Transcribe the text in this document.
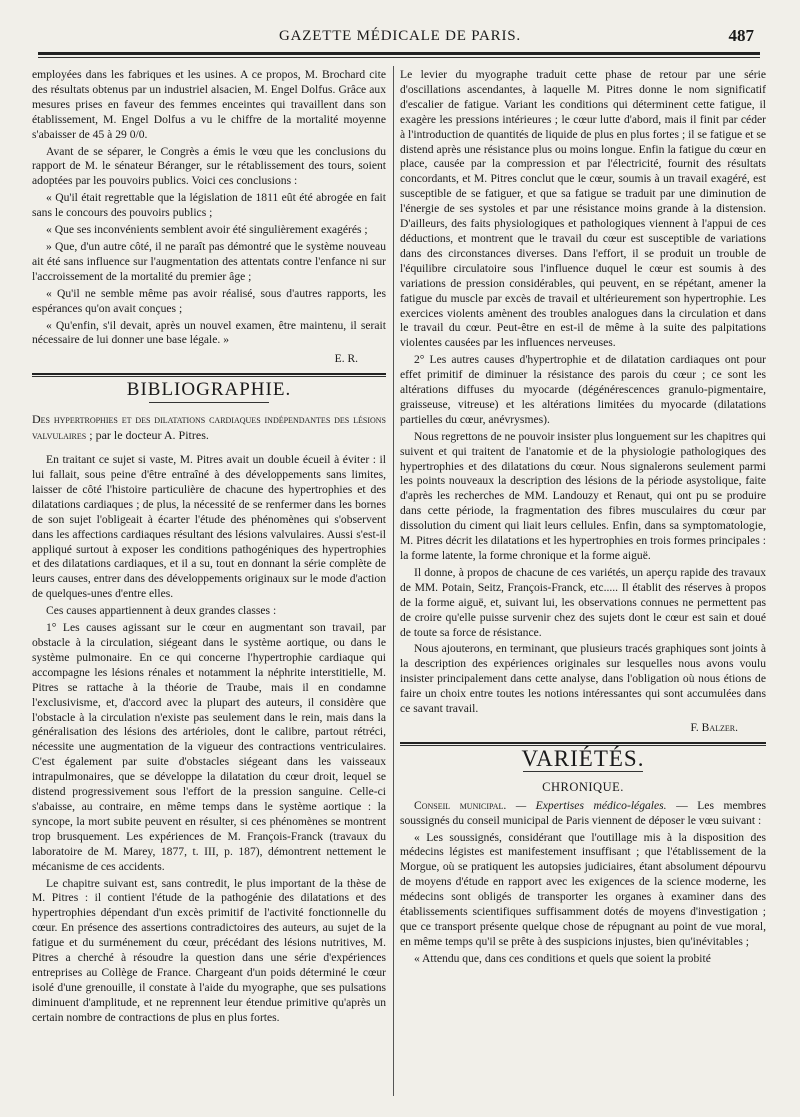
GAZETTE MÉDICALE DE PARIS.	487

employées dans les fabriques et les usines. A ce propos, M. Brochard cite des résultats obtenus par un industriel alsacien, M. Engel Dolfus. Grâce aux mesures prises en faveur des femmes enceintes qui travaillent dans son établissement, M. Engel Dolfus a vu le chiffre de la mortalité moyenne s'abaisser de 45 à 29 0/0.

Avant de se séparer, le Congrès a émis le vœu que les conclusions du rapport de M. le sénateur Béranger, sur le rétablissement des tours, soient adoptées par les pouvoirs publics. Voici ces conclusions :

« Qu'il était regrettable que la législation de 1811 eût été abrogée en fait sans le concours des pouvoirs publics ;

« Que ses inconvénients semblent avoir été singulièrement exagérés ;

» Que, d'un autre côté, il ne paraît pas démontré que le système nouveau ait été sans influence sur l'augmentation des attentats contre l'enfance ni sur l'accroissement de la mortalité du premier âge ;

« Qu'il ne semble même pas avoir réalisé, sous d'autres rapports, les espérances qu'on avait conçues ;

« Qu'enfin, s'il devait, après un nouvel examen, être maintenu, il serait nécessaire de lui donner une base légale. »

E. R.

BIBLIOGRAPHIE.

Des hypertrophies et des dilatations cardiaques indépendantes des lésions valvulaires ; par le docteur A. Pitres.

En traitant ce sujet si vaste, M. Pitres avait un double écueil à éviter : il lui fallait, sous peine d'être entraîné à des développements sans limites, laisser de côté l'histoire particulière de chacune des hypertrophies et des dilatations cardiaques ; de plus, la nécessité de se renfermer dans les bornes de son sujet l'obligeait à écarter l'étude des phénomènes qui s'observent dans les affections cardiaques résultant des lésions valvulaires. Aussi s'est-il appliqué surtout à exposer les conditions pathogéniques des hypertrophies et des dilatations cardiaques, et il a su, tout en donnant la série complète de leurs causes, entrer dans des développements originaux sur le mode d'action de quelques-unes d'entre elles.

Ces causes appartiennent à deux grandes classes :

1° Les causes agissant sur le cœur en augmentant son travail, par obstacle à la circulation, siégeant dans le système aortique, ou dans le système pulmonaire. En ce qui concerne l'hypertrophie cardiaque qui accompagne les lésions rénales et notamment la néphrite interstitielle, M. Pitres se rattache à la théorie de Traube, mais il en condamne l'exclusivisme, et, d'accord avec la plupart des auteurs, il considère que l'obstacle à la circulation n'existe pas seulement dans le rein, mais dans la généralisation des lésions des artérioles, dont le calibre, partout rétréci, nécessite une augmentation de la vigueur des contractions ventriculaires. C'est également par suite d'obstacles siégeant dans les vaisseaux intrapulmonaires, que se développe la dilatation du cœur droit, lequel se distend progressivement sous l'effort de la pression sanguine. Celle-ci s'abaisse, au contraire, en même temps dans le système aortique : la syncope, la mort subite peuvent en résulter, si ces phénomènes se montrent trop brusquement. Les expériences de M. François-Franck (travaux du laboratoire de M. Marey, 1877, t. III, p. 187), démontrent nettement le mécanisme de ces accidents.

Le chapitre suivant est, sans contredit, le plus important de la thèse de M. Pitres : il contient l'étude de la pathogénie des dilatations et des hypertrophies dépendant d'un excès primitif de l'activité fonctionnelle du cœur. En présence des assertions contradictoires des auteurs, au sujet de la fatigue et du surménement du cœur, précédant des lésions nutritives, M. Pitres a cherché à résoudre la question dans une série d'expériences entreprises au Collège de France. Chargeant d'un poids déterminé le cœur isolé d'une grenouille, il constate à l'aide du myographe, que ses pulsations diminuent d'amplitude, et ne reprennent leur étendue primitive qu'après un certain nombre de contractions de plus en plus fortes.

Le levier du myographe traduit cette phase de retour par une série d'oscillations ascendantes, à laquelle M. Pitres donne le nom significatif d'escalier de fatigue. Variant les conditions qui déterminent cette fatigue, il exagère les pressions intérieures ; le cœur lutte d'abord, mais il finit par céder à l'introduction de quantités de liquide de plus en plus fortes ; il se fatigue et se distend après une résistance plus ou moins longue. Enfin la fatigue du cœur en place, causée par la compression et par l'électricité, fournit des résultats concordants, et M. Pitres conclut que le cœur, soumis à un travail exagéré, est susceptible de se fatiguer, et que sa fatigue se traduit par une diminution de l'énergie de ses systoles et par une résistance moins grande à la distension. D'ailleurs, des faits physiologiques et pathologiques viennent à l'appui de ces déductions, et montrent que le travail du cœur est susceptible de variations dans des circonstances diverses. Dans l'effort, il se produit un trouble de l'équilibre circulatoire sous l'influence duquel le cœur est soumis à des variations de pression considérables, qui peuvent, en se répétant, amener la fatigue du muscle par excès de travail et ultérieurement son hypertrophie. Les exercices violents amènent des troubles analogues dans la circulation et dans le travail du cœur. Peut-être en est-il de même à la suite des palpitations violentes causées par les influences nerveuses.

2° Les autres causes d'hypertrophie et de dilatation cardiaques ont pour effet primitif de diminuer la résistance des parois du cœur ; ce sont les altérations diffuses du myocarde (dégénérescences granulo-pigmentaire, graisseuse, vitreuse) et les altérations limitées du myocarde (dilatations partielles du cœur, anévrysmes).

Nous regrettons de ne pouvoir insister plus longuement sur les chapitres qui suivent et qui traitent de l'anatomie et de la physiologie pathologiques des hypertrophies et des dilatations du cœur. Nous signalerons seulement parmi les points nouveaux la description des lésions de la période asystolique, faite d'après les recherches de MM. Landouzy et Renaut, qui ont pu se produire dans cette période, la fragmentation des fibres musculaires du cœur par dissolution du ciment qui liait leurs cellules. Enfin, dans sa symptomatologie, M. Pitres décrit les dilatations et les hypertrophies en trois formes principales : la forme latente, la forme chronique et la forme aiguë.

Il donne, à propos de chacune de ces variétés, un aperçu rapide des travaux de MM. Potain, Seitz, François-Franck, etc..... Il établit des réserves à propos de la forme aiguë, et, suivant lui, les observations connues ne permettent pas de croire qu'elle puisse survenir chez des sujets dont le cœur est sain et doué de toute sa force de résistance.

Nous ajouterons, en terminant, que plusieurs tracés graphiques sont joints à la description des expériences originales sur lesquelles nous avons voulu insister principalement dans cette analyse, dans l'obligation où nous étions de faire un choix entre toutes les notions intéressantes qui sont accumulées dans ce savant travail.

F. Balzer.

VARIÉTÉS.
CHRONIQUE.

Conseil municipal. — Expertises médico-légales. — Les membres soussignés du conseil municipal de Paris viennent de déposer le vœu suivant :

« Les soussignés, considérant que l'outillage mis à la disposition des médecins légistes est manifestement insuffisant ; que l'établissement de la Morgue, où se pratiquent les autopsies judiciaires, étant absolument dépourvu de moyens d'étude en rapport avec les exigences de la science moderne, les médecins sont obligés de transporter les organes à examiner dans des établissements scientifiques suffisamment dotés de moyens d'investigation ; que ce transport présente quelque chose de répugnant au point de vue moral, en même temps qu'il se prête à des suspicions injustes, bien qu'inévitables ;

« Attendu que, dans ces conditions et quels que soient la probité
